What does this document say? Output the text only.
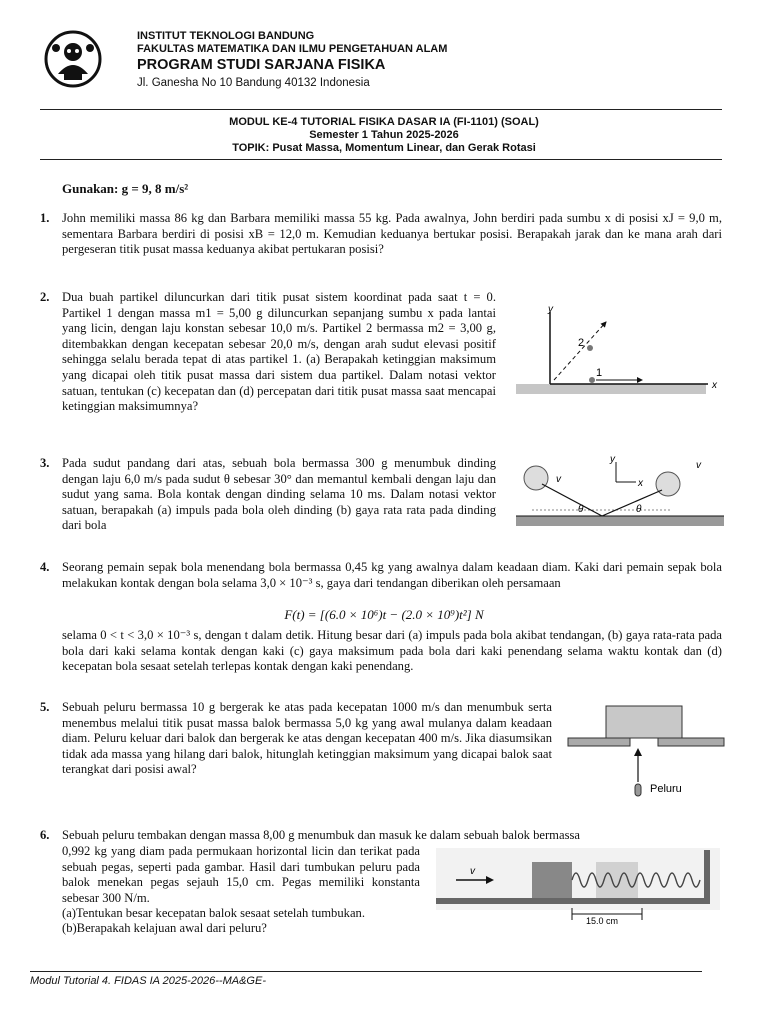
INSTITUT TEKNOLOGI BANDUNG
FAKULTAS MATEMATIKA DAN ILMU PENGETAHUAN ALAM
PROGRAM STUDI SARJANA FISIKA
Jl. Ganesha No 10 Bandung 40132 Indonesia
MODUL KE-4 TUTORIAL FISIKA DASAR IA (FI-1101) (SOAL)
Semester 1 Tahun 2025-2026
TOPIK: Pusat Massa, Momentum Linear, dan Gerak Rotasi
Gunakan: g = 9, 8 m/s²
1. John memiliki massa 86 kg dan Barbara memiliki massa 55 kg. Pada awalnya, John berdiri pada sumbu x di posisi xJ = 9,0 m, sementara Barbara berdiri di posisi xB = 12,0 m. Kemudian keduanya bertukar posisi. Berapakah jarak dan ke mana arah dari pergeseran titik pusat massa keduanya akibat pertukaran posisi?
2. Dua buah partikel diluncurkan dari titik pusat sistem koordinat pada saat t = 0. Partikel 1 dengan massa m1 = 5,00 g diluncurkan sepanjang sumbu x pada lantai yang licin, dengan laju konstan sebesar 10,0 m/s. Partikel 2 bermassa m2 = 3,00 g, ditembakkan dengan kecepatan sebesar 20,0 m/s, dengan arah sudut elevasi positif sehingga selalu berada tepat di atas partikel 1. (a) Berapakah ketinggian maksimum yang dicapai oleh titik pusat massa dari sistem dua partikel. Dalam notasi vektor satuan, tentukan (c) kecepatan dan (d) percepatan dari titik pusat massa saat mencapai ketinggian maksimumnya?
y
x
2
1
3. Pada sudut pandang dari atas, sebuah bola bermassa 300 g menumbuk dinding dengan laju 6,0 m/s pada sudut θ sebesar 30° dan memantul kembali dengan laju dan sudut yang sama. Bola kontak dengan dinding selama 10 ms. Dalam notasi vektor satuan, berapakah (a) impuls pada bola oleh dinding (b) gaya rata rata pada dinding dari bola
v
v
θ	θ
y
x
4. Seorang pemain sepak bola menendang bola bermassa 0,45 kg yang awalnya dalam keadaan diam. Kaki dari pemain sepak bola melakukan kontak dengan bola selama 3,0 × 10⁻³ s, gaya dari tendangan diberikan oleh persamaan
F(t) = [(6.0 × 10⁶)t − (2.0 × 10⁹)t²] N
selama 0 < t < 3,0 × 10⁻³ s, dengan t dalam detik. Hitung besar dari (a) impuls pada bola akibat tendangan, (b) gaya rata-rata pada bola dari kaki selama kontak dengan kaki (c) gaya maksimum pada bola dari kaki penendang selama waktu kontak dan (d) kecepatan bola sesaat setelah terlepas kontak dengan kaki penendang.
5. Sebuah peluru bermassa 10 g bergerak ke atas pada kecepatan 1000 m/s dan menumbuk serta menembus melalui titik pusat massa balok bermassa 5,0 kg yang awal mulanya dalam keadaan diam. Peluru keluar dari balok dan bergerak ke atas dengan kecepatan 400 m/s. Jika diasumsikan tidak ada massa yang hilang dari balok, hitunglah ketinggian maksimum yang dicapai balok saat terangkat dari posisi awal?
Peluru
6. Sebuah peluru tembakan dengan massa 8,00 g menumbuk dan masuk ke dalam sebuah balok bermassa
0,992 kg yang diam pada permukaan horizontal licin dan terikat pada sebuah pegas, seperti pada gambar. Hasil dari tumbukan peluru pada balok menekan pegas sejauh 15,0 cm. Pegas memiliki konstanta sebesar 300 N/m.
(a)Tentukan besar kecepatan balok sesaat setelah tumbukan.
(b)Berapakah kelajuan awal dari peluru?
v
15.0 cm
Modul Tutorial 4. FIDAS IA 2025-2026--MA&GE-
